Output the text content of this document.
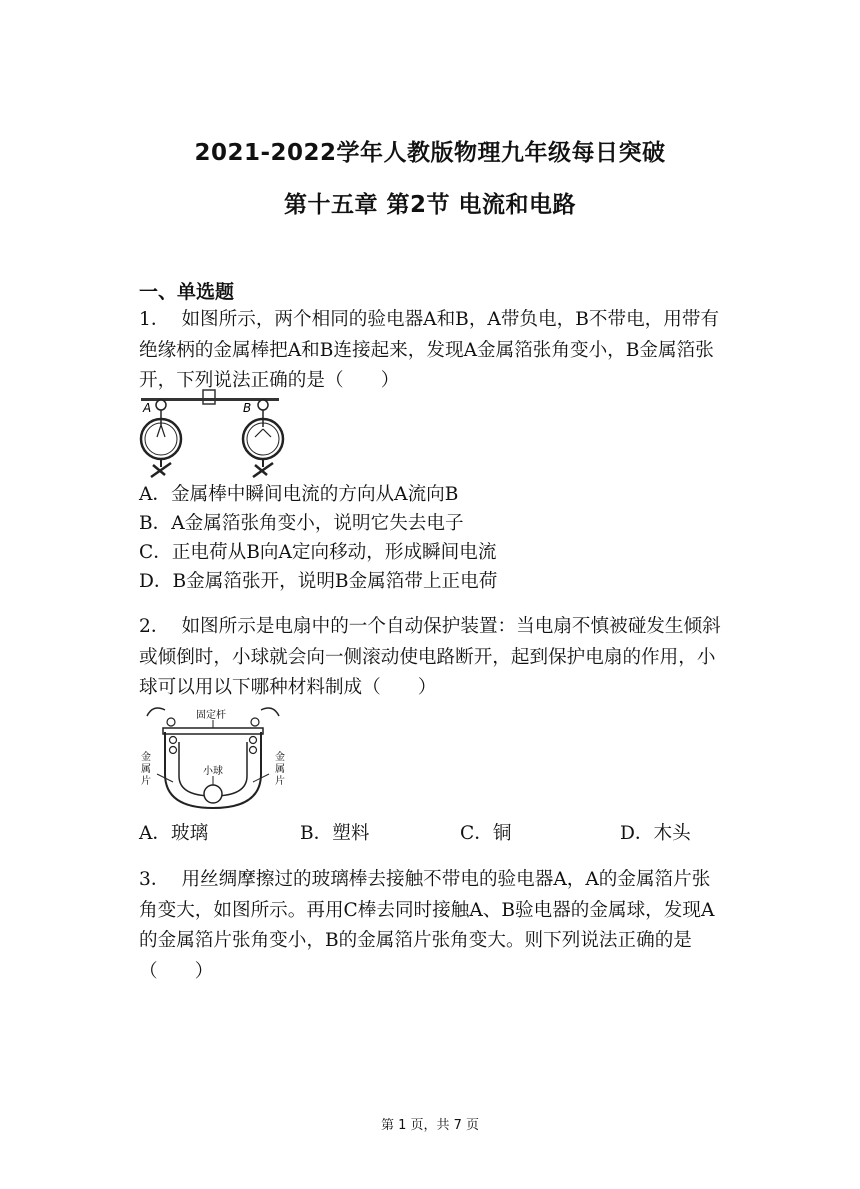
2021-2022学年人教版物理九年级每日突破
第十五章 第2节 电流和电路
一、单选题
1． 如图所示，两个相同的验电器A和B，A带负电，B不带电，用带有绝缘柄的金属棒把A和B连接起来，发现A金属箔张角变小，B金属箔张开，下列说法正确的是（　　）
A	B
A．金属棒中瞬间电流的方向从A流向B
B．A金属箔张角变小，说明它失去电子
C．正电荷从B向A定向移动，形成瞬间电流
D．B金属箔张开，说明B金属箔带上正电荷
2． 如图所示是电扇中的一个自动保护装置：当电扇不慎被碰发生倾斜或倾倒时，小球就会向一侧滚动使电路断开，起到保护电扇的作用，小球可以用以下哪种材料制成（　　）
固定杆
小球
金
属
片
金
属
片
A．玻璃	B．塑料	C．铜	D．木头
3． 用丝绸摩擦过的玻璃棒去接触不带电的验电器A，A的金属箔片张角变大，如图所示。再用C棒去同时接触A、B验电器的金属球，发现A的金属箔片张角变小，B的金属箔片张角变大。则下列说法正确的是（　　）
第 1 页，共 7 页
